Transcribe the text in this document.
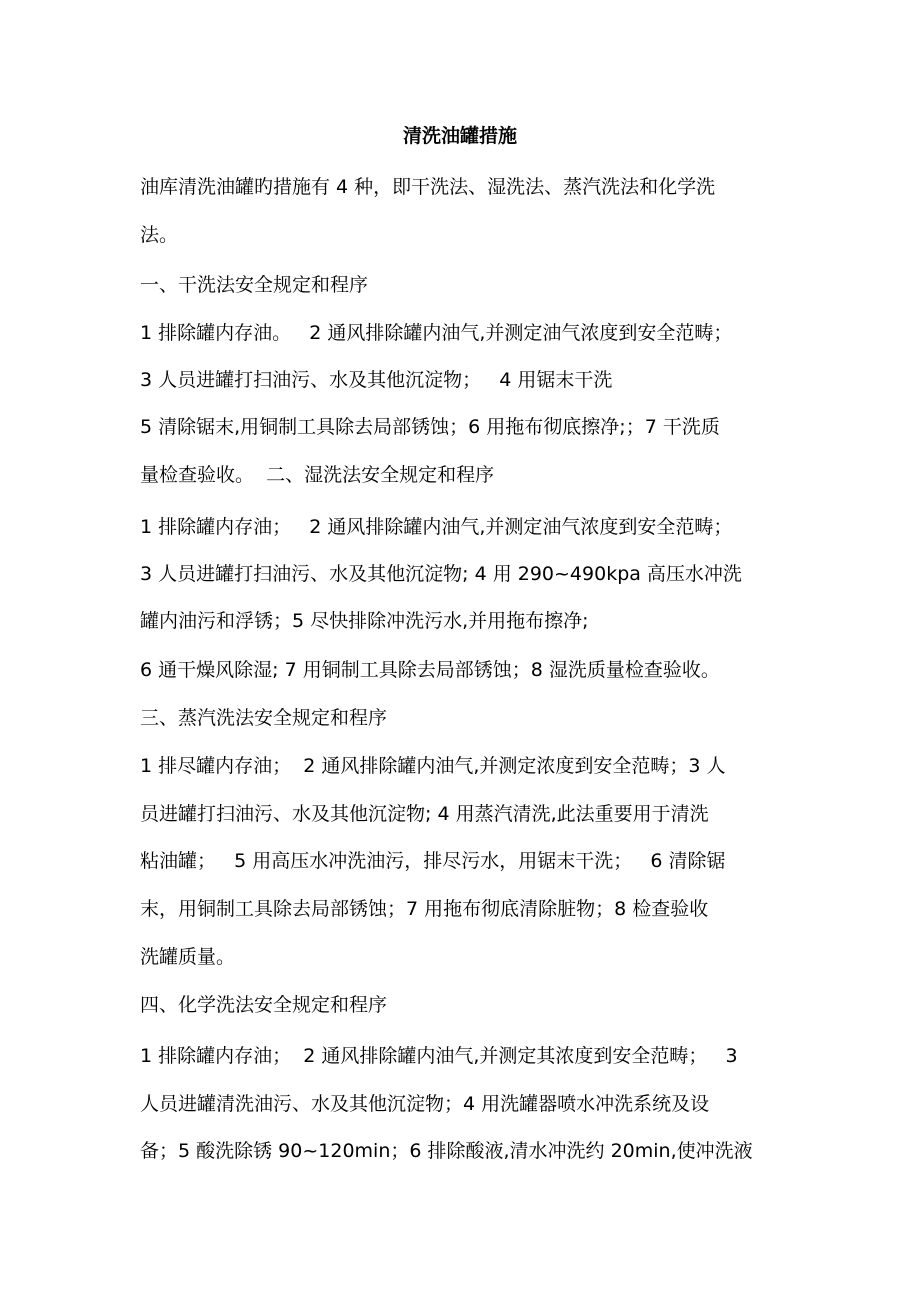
清洗油罐措施
油库清洗油罐旳措施有 4 种，即干洗法、湿洗法、蒸汽洗法和化学洗
法。
一、干洗法安全规定和程序
1 排除罐内存油。   2 通风排除罐内油气,并测定油气浓度到安全范畴；
3 人员进罐打扫油污、水及其他沉淀物；   4 用锯末干洗
5 清除锯末,用铜制工具除去局部锈蚀；6 用拖布彻底擦净;；7 干洗质
量检查验收。  二、湿洗法安全规定和程序
1 排除罐内存油；   2 通风排除罐内油气,并测定油气浓度到安全范畴；
3 人员进罐打扫油污、水及其他沉淀物; 4 用 290~490kpa 高压水冲洗
罐内油污和浮锈；5 尽快排除冲洗污水,并用拖布擦净;
6 通干燥风除湿; 7 用铜制工具除去局部锈蚀；8 湿洗质量检查验收。
三、蒸汽洗法安全规定和程序
1 排尽罐内存油；  2 通风排除罐内油气,并测定浓度到安全范畴；3 人
员进罐打扫油污、水及其他沉淀物; 4 用蒸汽清洗,此法重要用于清洗
粘油罐；   5 用高压水冲洗油污，排尽污水，用锯末干洗；   6 清除锯
末，用铜制工具除去局部锈蚀；7 用拖布彻底清除脏物；8 检查验收
洗罐质量。
四、化学洗法安全规定和程序
1 排除罐内存油；  2 通风排除罐内油气,并测定其浓度到安全范畴；   3
人员进罐清洗油污、水及其他沉淀物；4 用洗罐器喷水冲洗系统及设
备；5 酸洗除锈 90~120min；6 排除酸液,清水冲洗约 20min,使冲洗液
